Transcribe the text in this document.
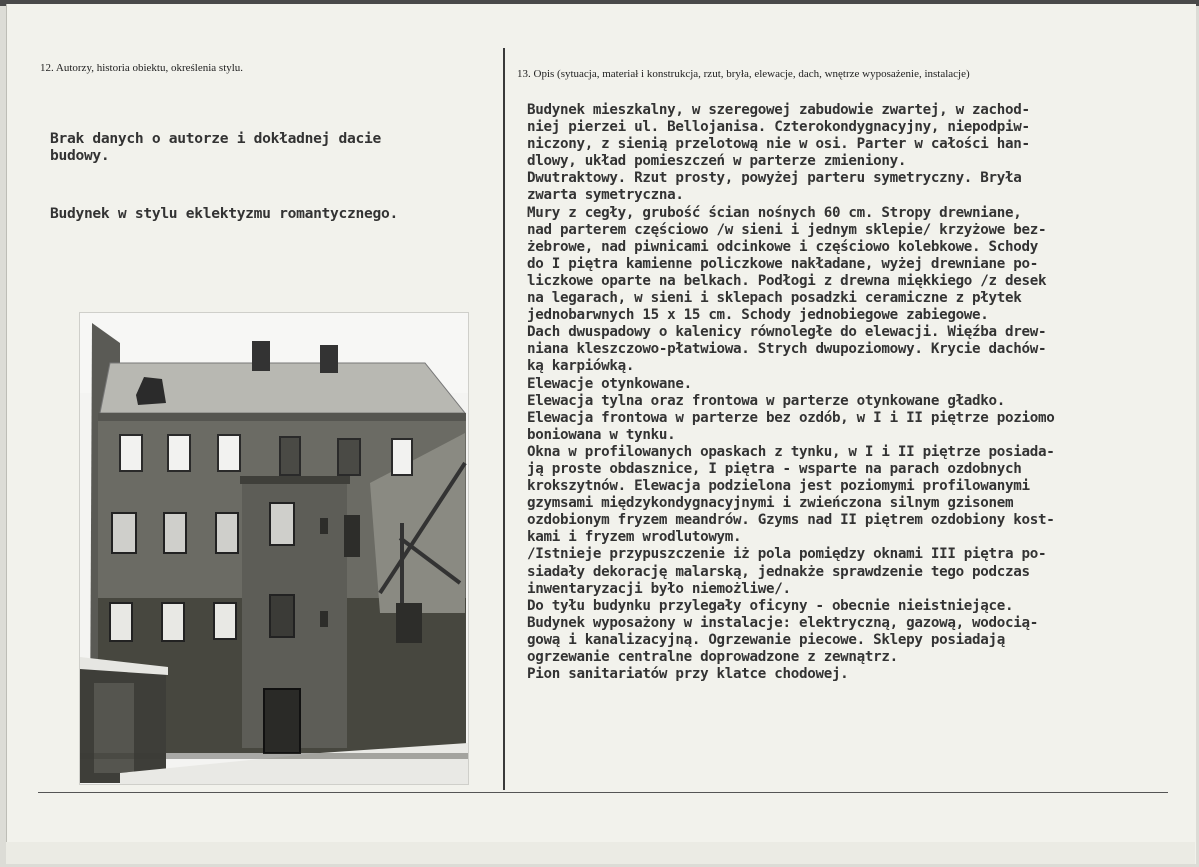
12. Autorzy, historia obiektu, określenia stylu.	13. Opis (sytuacja, materiał i konstrukcja, rzut, bryła, elewacje, dach, wnętrze wyposażenie, instalacje)

Brak danych o autorze i dokładnej dacie
budowy.

Budynek w stylu eklektyzmu romantycznego.

Budynek mieszkalny, w szeregowej zabudowie zwartej, w zachod-
niej pierzei ul. Bellojanisa. Czterokondygnacyjny, niepodpiw-
niczony, z sienią przelotową nie w osi. Parter w całości han-
dlowy, układ pomieszczeń w parterze zmieniony.
Dwutraktowy. Rzut prosty, powyżej parteru symetryczny. Bryła
zwarta symetryczna.
Mury z cegły, grubość ścian nośnych 60 cm. Stropy drewniane,
nad parterem częściowo /w sieni i jednym sklepie/ krzyżowe bez-
żebrowe, nad piwnicami odcinkowe i częściowo kolebkowe. Schody
do I piętra kamienne policzkowe nakładane, wyżej drewniane po-
liczkowe oparte na belkach. Podłogi z drewna miękkiego /z desek
na legarach, w sieni i sklepach posadzki ceramiczne z płytek
jednobarwnych 15 x 15 cm. Schody jednobiegowe zabiegowe.
Dach dwuspadowy o kalenicy równoległe do elewacji. Więźba drew-
niana kleszczowo-płatwiowa. Strych dwupoziomowy. Krycie dachów-
ką karpiówką.
Elewacje otynkowane.
Elewacja tylna oraz frontowa w parterze otynkowane gładko.
Elewacja frontowa w parterze bez ozdób, w I i II piętrze poziomo
boniowana w tynku.
Okna w profilowanych opaskach z tynku, w I i II piętrze posiada-
ją proste obdasznice, I piętra - wsparte na parach ozdobnych
krokszytnów. Elewacja podzielona jest poziomymi profilowanymi
gzymsami międzykondygnacyjnymi i zwieńczona silnym gzisonem
ozdobionym fryzem meandrów. Gzyms nad II piętrem ozdobiony kost-
kami i fryzem wrodlutowym.
/Istnieje przypuszczenie iż pola pomiędzy oknami III piętra po-
siadały dekorację malarską, jednakże sprawdzenie tego podczas
inwentaryzacji było niemożliwe/.
Do tyłu budynku przylegały oficyny - obecnie nieistniejące.
Budynek wyposażony w instalacje: elektryczną, gazową, wodocią-
gową i kanalizacyjną. Ogrzewanie piecowe. Sklepy posiadają
ogrzewanie centralne doprowadzone z zewnątrz.
Pion sanitariatów przy klatce chodowej.
